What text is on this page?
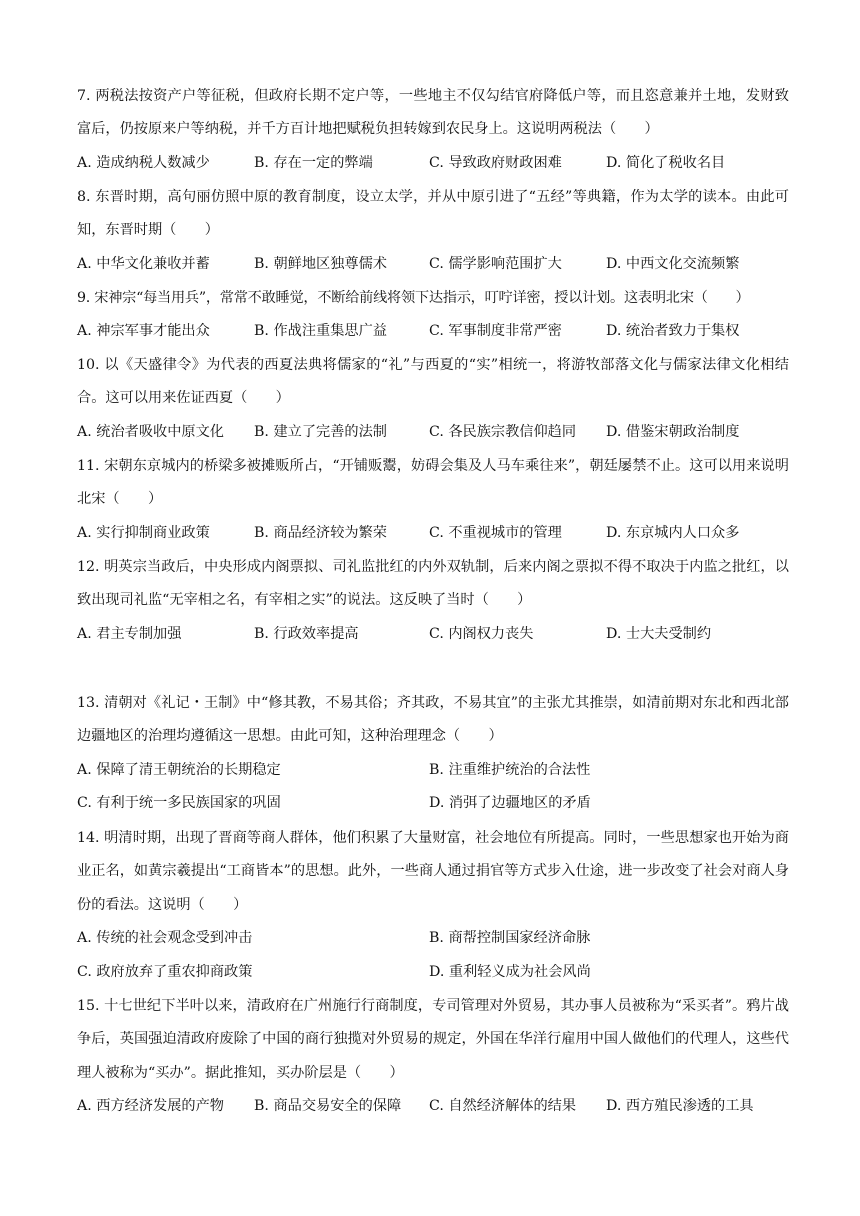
7. 两税法按资产户等征税，但政府长期不定户等，一些地主不仅勾结官府降低户等，而且恣意兼并土地，发财致富后，仍按原来户等纳税，并千方百计地把赋税负担转嫁到农民身上。这说明两税法（　　）

A. 造成纳税人数减少	B. 存在一定的弊端	C. 导致政府财政困难	D. 简化了税收名目

8. 东晋时期，高句丽仿照中原的教育制度，设立太学，并从中原引进了“五经”等典籍，作为太学的读本。由此可知，东晋时期（　　）

A. 中华文化兼收并蓄	B. 朝鲜地区独尊儒术	C. 儒学影响范围扩大	D. 中西文化交流频繁

9. 宋神宗“每当用兵”，常常不敢睡觉，不断给前线将领下达指示，叮咛详密，授以计划。这表明北宋（　　）

A. 神宗军事才能出众	B. 作战注重集思广益	C. 军事制度非常严密	D. 统治者致力于集权

10. 以《天盛律令》为代表的西夏法典将儒家的“礼”与西夏的“实”相统一，将游牧部落文化与儒家法律文化相结合。这可以用来佐证西夏（　　）

A. 统治者吸收中原文化 B. 建立了完善的法制	C. 各民族宗教信仰趋同 D. 借鉴宋朝政治制度

11. 宋朝东京城内的桥梁多被摊贩所占，“开铺贩鬻，妨碍会集及人马车乘往来”，朝廷屡禁不止。这可以用来说明北宋（　　）

A. 实行抑制商业政策	B. 商品经济较为繁荣	C. 不重视城市的管理	D. 东京城内人口众多

12. 明英宗当政后，中央形成内阁票拟、司礼监批红的内外双轨制，后来内阁之票拟不得不取决于内监之批红，以致出现司礼监“无宰相之名，有宰相之实”的说法。这反映了当时（　　）

A. 君主专制加强	B. 行政效率提高	C. 内阁权力丧失	D. 士大夫受制约

13. 清朝对《礼记・王制》中“修其教，不易其俗；齐其政，不易其宜”的主张尤其推崇，如清前期对东北和西北部边疆地区的治理均遵循这一思想。由此可知，这种治理理念（　　）

A. 保障了清王朝统治的长期稳定	B. 注重维护统治的合法性
C. 有利于统一多民族国家的巩固	D. 消弭了边疆地区的矛盾

14. 明清时期，出现了晋商等商人群体，他们积累了大量财富，社会地位有所提高。同时，一些思想家也开始为商业正名，如黄宗羲提出“工商皆本”的思想。此外，一些商人通过捐官等方式步入仕途，进一步改变了社会对商人身份的看法。这说明（　　）

A. 传统的社会观念受到冲击	B. 商帮控制国家经济命脉
C. 政府放弃了重农抑商政策	D. 重利轻义成为社会风尚

15. 十七世纪下半叶以来，清政府在广州施行行商制度，专司管理对外贸易，其办事人员被称为“采买者”。鸦片战争后，英国强迫清政府废除了中国的商行独揽对外贸易的规定，外国在华洋行雇用中国人做他们的代理人，这些代理人被称为“买办”。据此推知，买办阶层是（　　）

A. 西方经济发展的产物 B. 商品交易安全的保障 C. 自然经济解体的结果 D. 西方殖民渗透的工具
